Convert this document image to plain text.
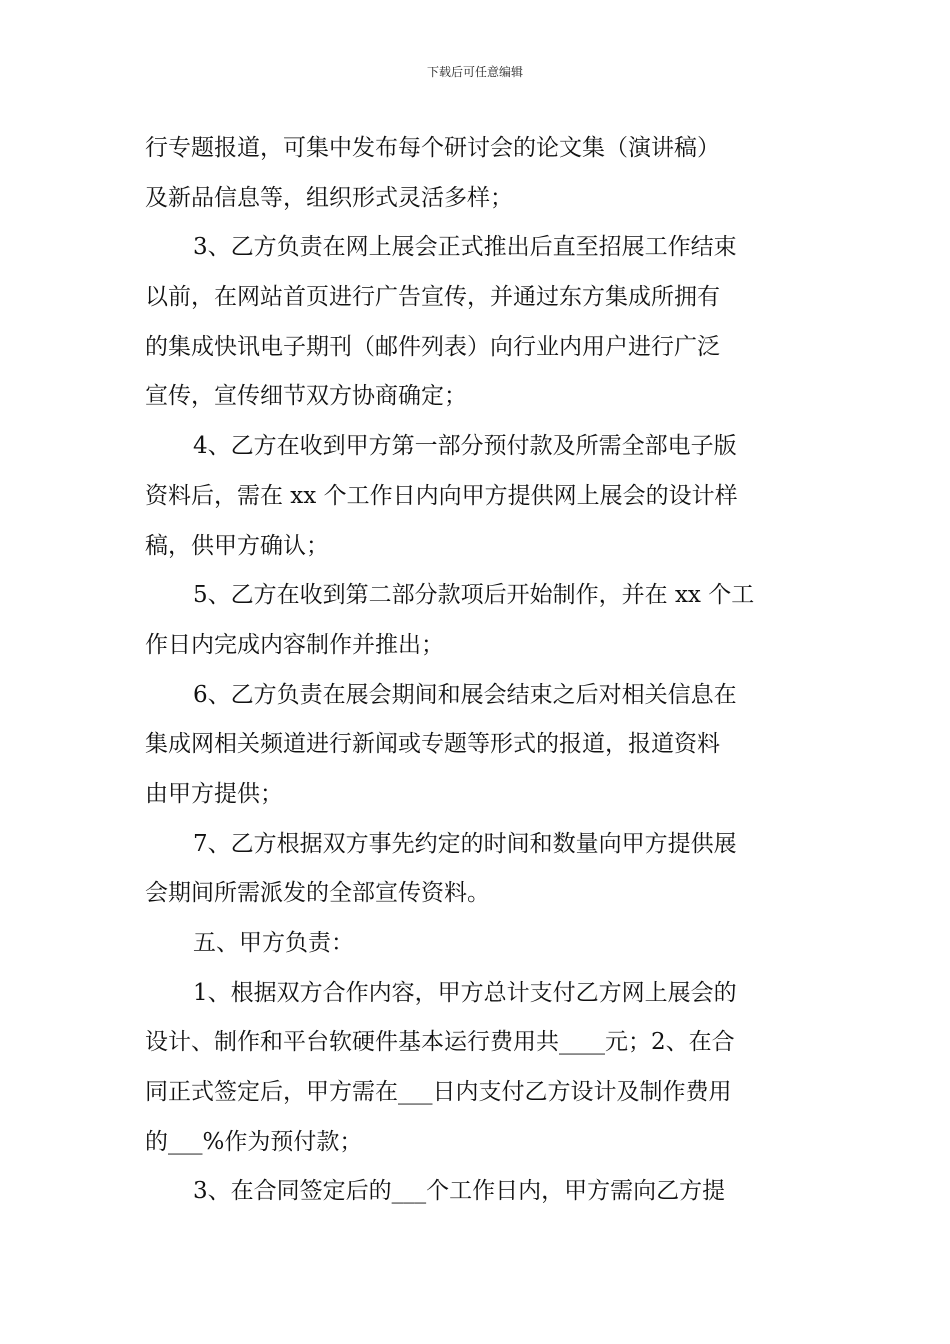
下载后可任意编辑
行专题报道，可集中发布每个研讨会的论文集（演讲稿）
及新品信息等，组织形式灵活多样；
3、乙方负责在网上展会正式推出后直至招展工作结束
以前，在网站首页进行广告宣传，并通过东方集成所拥有
的集成快讯电子期刊（邮件列表）向行业内用户进行广泛
宣传，宣传细节双方协商确定；
4、乙方在收到甲方第一部分预付款及所需全部电子版
资料后，需在 xx 个工作日内向甲方提供网上展会的设计样
稿，供甲方确认；
5、乙方在收到第二部分款项后开始制作，并在 xx 个工
作日内完成内容制作并推出；
6、乙方负责在展会期间和展会结束之后对相关信息在
集成网相关频道进行新闻或专题等形式的报道，报道资料
由甲方提供；
7、乙方根据双方事先约定的时间和数量向甲方提供展
会期间所需派发的全部宣传资料。
五、甲方负责：
1、根据双方合作内容，甲方总计支付乙方网上展会的
设计、制作和平台软硬件基本运行费用共____元；2、在合
同正式签定后，甲方需在___日内支付乙方设计及制作费用
的___%作为预付款；
3、在合同签定后的___个工作日内，甲方需向乙方提
